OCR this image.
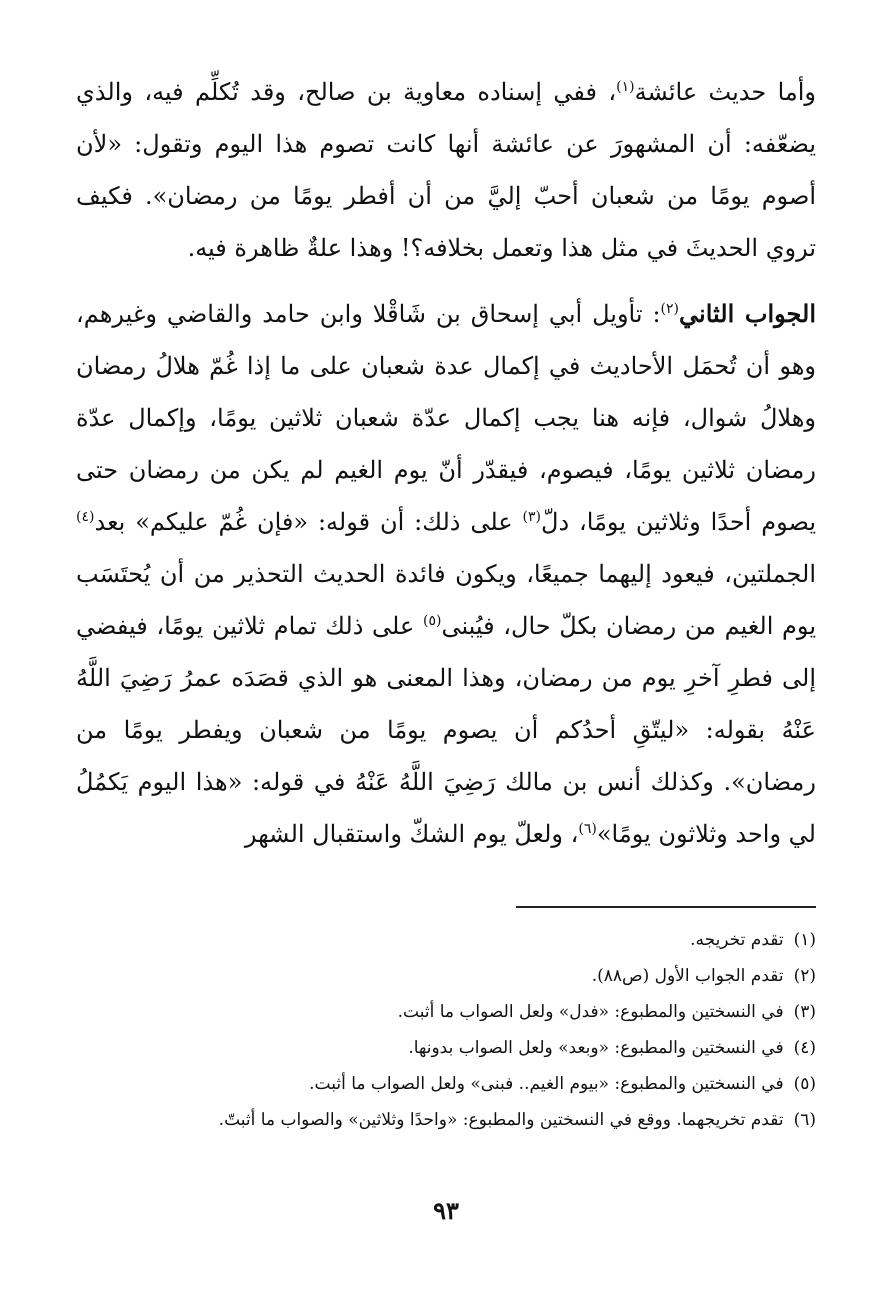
وأما حديث عائشة$^{(١)}$، ففي إسناده معاوية بن صالح، وقد تُكلِّم فيه، والذي يضعّفه: أن المشهورَ عن عائشة أنها كانت تصوم هذا اليوم وتقول: «لأن أصوم يومًا من شعبان أحبّ إليَّ من أن أفطر يومًا من رمضان». فكيف تروي الحديثَ في مثل هذا وتعمل بخلافه؟! وهذا علةٌ ظاهرة فيه.

الجواب الثاني$^{(٢)}$: تأويل أبي إسحاق بن شَاقْلا وابن حامد والقاضي وغيرهم، وهو أن تُحمَل الأحاديث في إكمال عدة شعبان على ما إذا غُمّ هلالُ رمضان وهلالُ شوال، فإنه هنا يجب إكمال عدّة شعبان ثلاثين يومًا، وإكمال عدّة رمضان ثلاثين يومًا، فيصوم، فيقدّر أنّ يوم الغيم لم يكن من رمضان حتى يصوم أحدًا وثلاثين يومًا، دلّ$^{(٣)}$ على ذلك: أن قوله: «فإن غُمّ عليكم» بعد$^{(٤)}$ الجملتين، فيعود إليهما جميعًا، ويكون فائدة الحديث التحذير من أن يُحتَسَب يوم الغيم من رمضان بكلّ حال، فيُبنى$^{(٥)}$ على ذلك تمام ثلاثين يومًا، فيفضي إلى فطرِ آخرِ يوم من رمضان، وهذا المعنى هو الذي قصَدَه عمرُ رَضِيَ اللَّهُ عَنْهُ بقوله: «ليتّقِ أحدُكم أن يصوم يومًا من شعبان ويفطر يومًا من رمضان». وكذلك أنس بن مالك رَضِيَ اللَّهُ عَنْهُ في قوله: «هذا اليوم يَكمُلُ لي واحد وثلاثون يومًا»$^{(٦)}$، ولعلّ يوم الشكّ واستقبال الشهر

(١)تقدم تخريجه.
(٢)تقدم الجواب الأول (ص٨٨).
(٣)في النسختين والمطبوع: «فدل» ولعل الصواب ما أثبت.
(٤)في النسختين والمطبوع: «وبعد» ولعل الصواب بدونها.
(٥)في النسختين والمطبوع: «بيوم الغيم.. فبنى» ولعل الصواب ما أثبت.
(٦)تقدم تخريجهما. ووقع في النسختين والمطبوع: «واحدًا وثلاثين» والصواب ما أثبتّ.
٩٣
